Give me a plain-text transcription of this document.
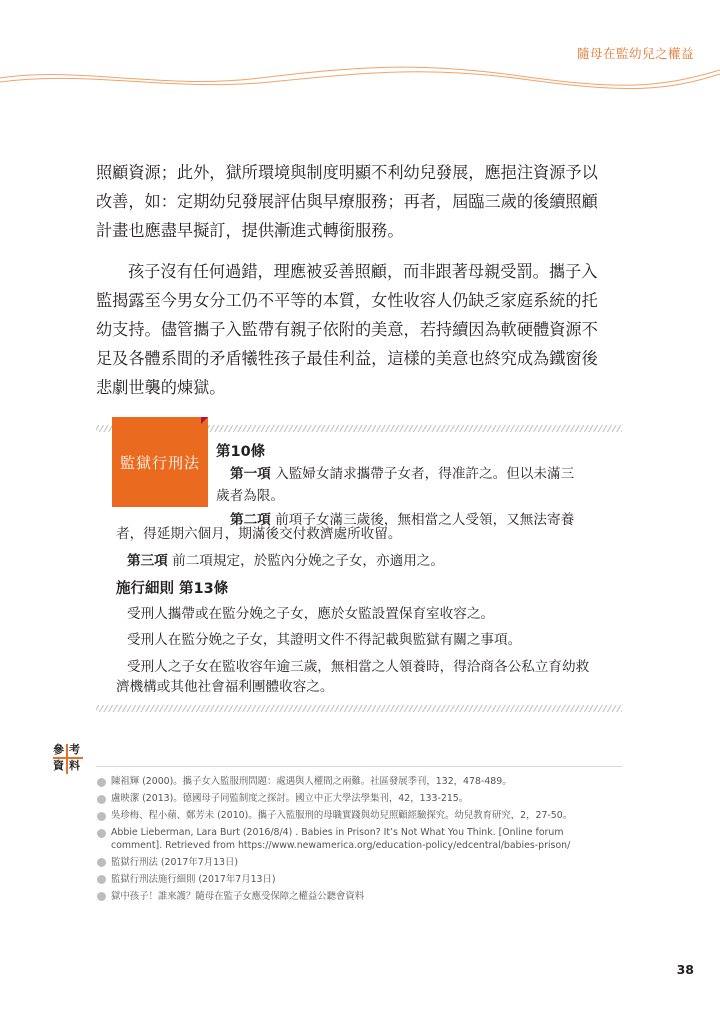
隨母在監幼兒之權益
照顧資源；此外，獄所環境與制度明顯不利幼兒發展，應挹注資源予以
改善，如：定期幼兒發展評估與早療服務；再者，屆臨三歲的後續照顧
計畫也應盡早擬訂，提供漸進式轉銜服務。
孩子沒有任何過錯，理應被妥善照顧，而非跟著母親受罰。攜子入
監揭露至今男女分工仍不平等的本質，女性收容人仍缺乏家庭系統的托
幼支持。儘管攜子入監帶有親子依附的美意，若持續因為軟硬體資源不
足及各體系間的矛盾犧牲孩子最佳利益，這樣的美意也終究成為鐵窗後
悲劇世襲的煉獄。
監獄行刑法
第10條
第一項 入監婦女請求攜帶子女者，得准許之。但以未滿三
歲者為限。
第二項 前項子女滿三歲後，無相當之人受領，又無法寄養
者，得延期六個月，期滿後交付救濟處所收留。
第三項 前二項規定，於監內分娩之子女，亦適用之。
施行細則 第13條
受刑人攜帶或在監分娩之子女，應於女監設置保育室收容之。
受刑人在監分娩之子女，其證明文件不得記載與監獄有關之事項。
受刑人之子女在監收容年逾三歲，無相當之人領養時，得洽商各公私立育幼救
濟機構或其他社會福利團體收容之。
參 考
資 料
陳祖輝 (2000)。攜子女入監服刑問題：處遇與人權間之兩難。社區發展季刊，132，478-489。
盧映潔 (2013)。德國母子同監制度之探討。國立中正大學法學集刊，42，133-215。
吳珍梅、程小蘋、鄭芳未 (2010)。攜子入監服刑的母職實踐與幼兒照顧經驗探究。幼兒教育研究，2，27-50。
Abbie Lieberman, Lara Burt (2016/8/4) . Babies in Prison? It’s Not What You Think. [Online forum comment]. Retrieved from https://www.newamerica.org/education-policy/edcentral/babies-prison/
監獄行刑法 (2017年7月13日)
監獄行刑法施行細則 (2017年7月13日)
獄中孩子！誰來護？隨母在監子女應受保障之權益公聽會資料
38
